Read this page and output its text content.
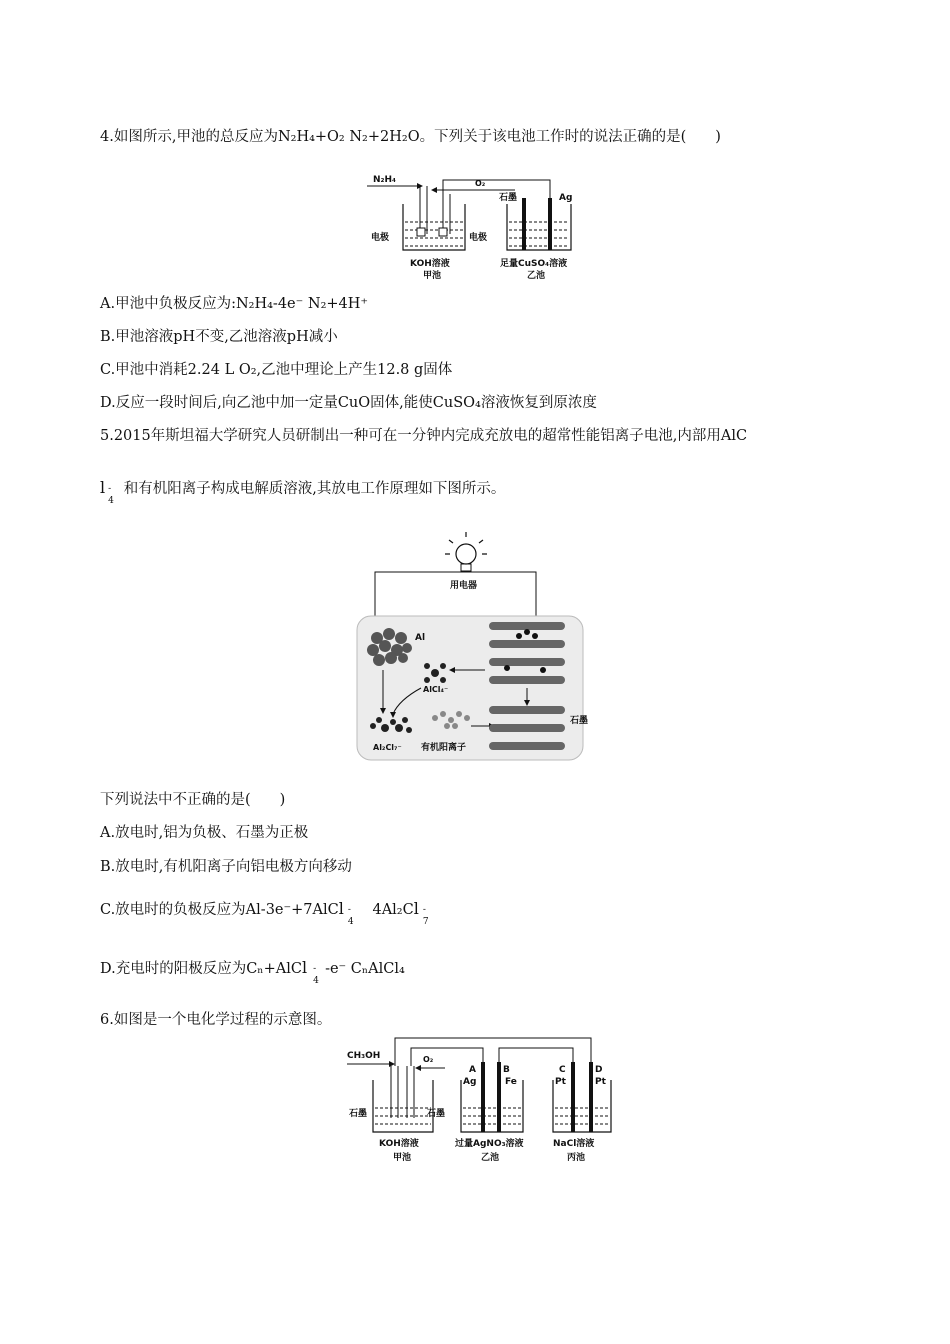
4.如图所示,甲池的总反应为N₂H₄+O₂ N₂+2H₂O。下列关于该电池工作时的说法正确的是(　　)
N₂H₄	O₂
石墨	Ag
电极	电极
KOH溶液
甲池
足量CuSO₄溶液
乙池
A.甲池中负极反应为:N₂H₄-4e⁻ N₂+4H⁺
B.甲池溶液pH不变,乙池溶液pH减小
C.甲池中消耗2.24 L O₂,乙池中理论上产生12.8 g固体
D.反应一段时间后,向乙池中加一定量CuO固体,能使CuSO₄溶液恢复到原浓度
5.2015年斯坦福大学研究人员研制出一种可在一分钟内完成充放电的超常性能铝离子电池,内部用AlC
l -
4
和有机阳离子构成电解质溶液,其放电工作原理如下图所示。
用电器
Al
AlCl₄⁻
Al₂Cl₇⁻ 有机阳离子
石墨
下列说法中不正确的是(　　)
A.放电时,铝为负极、石墨为正极
B.放电时,有机阳离子向铝电极方向移动
C.放电时的负极反应为Al-3e⁻+7AlCl -
4
4Al₂Cl -
7
D.充电时的阳极反应为Cₙ+AlCl -
4
-e⁻ CₙAlCl₄
6.如图是一个电化学过程的示意图。
CH₃OH	O₂
石墨	石墨
KOH溶液
甲池
A	B
Ag	Fe
过量AgNO₃溶液
乙池
C	D
Pt	Pt
NaCl溶液
丙池
